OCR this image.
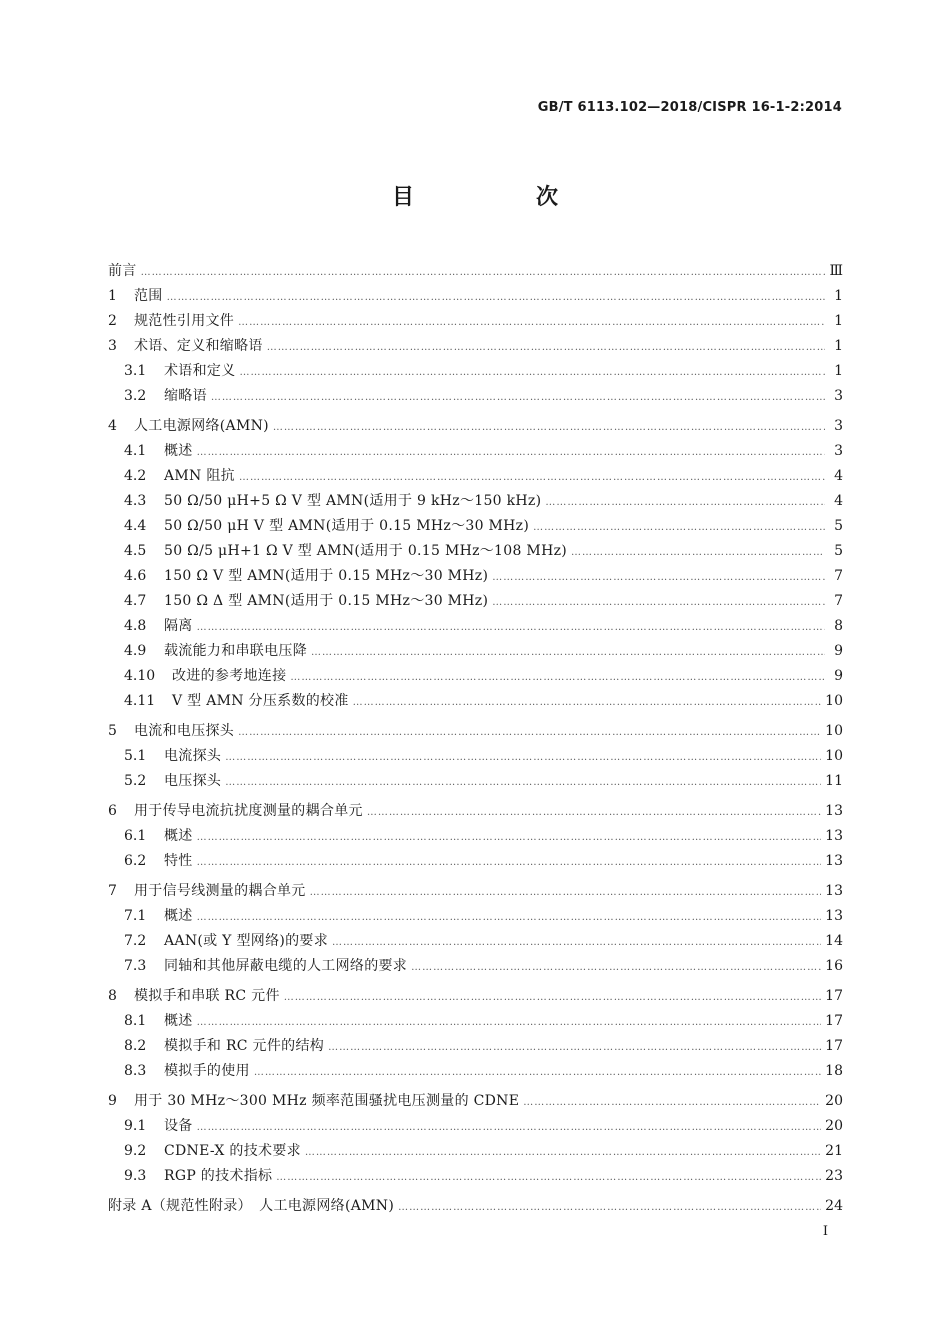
GB/T 6113.102—2018/CISPR 16-1-2:2014
目　次
前言 ……………………………………………………………………………………………………………………………………………………………………………………………………………………	Ⅲ
1	范围 ……………………………………………………………………………………………………………………………………………………………………………………………………………………	1
2	规范性引用文件 ……………………………………………………………………………………………………………………………………………………………………………………………………………………	1
3	术语、定义和缩略语 ……………………………………………………………………………………………………………………………………………………………………………………………………………………	1
3.1	术语和定义 ……………………………………………………………………………………………………………………………………………………………………………………………………………………	1
3.2	缩略语 ……………………………………………………………………………………………………………………………………………………………………………………………………………………	3
4	人工电源网络(AMN) ……………………………………………………………………………………………………………………………………………………………………………………………………………………	3
4.1	概述 ……………………………………………………………………………………………………………………………………………………………………………………………………………………	3
4.2	AMN 阻抗 ……………………………………………………………………………………………………………………………………………………………………………………………………………………	4
4.3	50 Ω/50 μH+5 Ω V 型 AMN(适用于 9 kHz～150 kHz) ……………………………………………………………………………………………………………………………………………………………………………………………………………………	4
4.4	50 Ω/50 μH V 型 AMN(适用于 0.15 MHz～30 MHz) ……………………………………………………………………………………………………………………………………………………………………………………………………………………	5
4.5	50 Ω/5 μH+1 Ω V 型 AMN(适用于 0.15 MHz～108 MHz) ……………………………………………………………………………………………………………………………………………………………………………………………………………………	5
4.6	150 Ω V 型 AMN(适用于 0.15 MHz～30 MHz) ……………………………………………………………………………………………………………………………………………………………………………………………………………………	7
4.7	150 Ω Δ 型 AMN(适用于 0.15 MHz～30 MHz) ……………………………………………………………………………………………………………………………………………………………………………………………………………………	7
4.8	隔离 ……………………………………………………………………………………………………………………………………………………………………………………………………………………	8
4.9	载流能力和串联电压降 ……………………………………………………………………………………………………………………………………………………………………………………………………………………	9
4.10	改进的参考地连接 ……………………………………………………………………………………………………………………………………………………………………………………………………………………	9
4.11	V 型 AMN 分压系数的校准 ……………………………………………………………………………………………………………………………………………………………………………………………………………………	10
5	电流和电压探头 ……………………………………………………………………………………………………………………………………………………………………………………………………………………	10
5.1	电流探头 ……………………………………………………………………………………………………………………………………………………………………………………………………………………	10
5.2	电压探头 ……………………………………………………………………………………………………………………………………………………………………………………………………………………	11
6	用于传导电流抗扰度测量的耦合单元 ……………………………………………………………………………………………………………………………………………………………………………………………………………………	13
6.1	概述 ……………………………………………………………………………………………………………………………………………………………………………………………………………………	13
6.2	特性 ……………………………………………………………………………………………………………………………………………………………………………………………………………………	13
7	用于信号线测量的耦合单元 ……………………………………………………………………………………………………………………………………………………………………………………………………………………	13
7.1	概述 ……………………………………………………………………………………………………………………………………………………………………………………………………………………	13
7.2	AAN(或 Y 型网络)的要求 ……………………………………………………………………………………………………………………………………………………………………………………………………………………	14
7.3	同轴和其他屏蔽电缆的人工网络的要求 ……………………………………………………………………………………………………………………………………………………………………………………………………………………	16
8	模拟手和串联 RC 元件 ……………………………………………………………………………………………………………………………………………………………………………………………………………………	17
8.1	概述 ……………………………………………………………………………………………………………………………………………………………………………………………………………………	17
8.2	模拟手和 RC 元件的结构 ……………………………………………………………………………………………………………………………………………………………………………………………………………………	17
8.3	模拟手的使用 ……………………………………………………………………………………………………………………………………………………………………………………………………………………	18
9	用于 30 MHz～300 MHz 频率范围骚扰电压测量的 CDNE ……………………………………………………………………………………………………………………………………………………………………………………………………………………	20
9.1	设备 ……………………………………………………………………………………………………………………………………………………………………………………………………………………	20
9.2	CDNE-X 的技术要求 ……………………………………………………………………………………………………………………………………………………………………………………………………………………	21
9.3	RGP 的技术指标 ……………………………………………………………………………………………………………………………………………………………………………………………………………………	23
附录 A（规范性附录）　人工电源网络(AMN) ……………………………………………………………………………………………………………………………………………………………………………………………………………………	24
I
